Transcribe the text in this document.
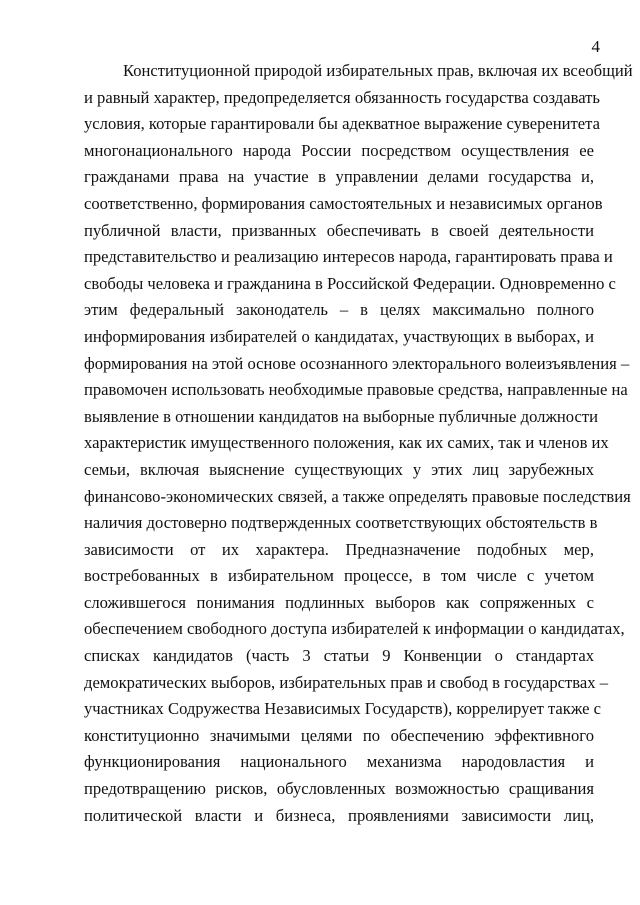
4
Конституционной природой избирательных прав, включая их всеобщий
и равный характер, предопределяется обязанность государства создавать
условия, которые гарантировали бы адекватное выражение суверенитета
многонационального народа России посредством осуществления ее
гражданами права на участие в управлении делами государства и,
соответственно, формирования самостоятельных и независимых органов
публичной власти, призванных обеспечивать в своей деятельности
представительство и реализацию интересов народа, гарантировать права и
свободы человека и гражданина в Российской Федерации. Одновременно с
этим федеральный законодатель – в целях максимально полного
информирования избирателей о кандидатах, участвующих в выборах, и
формирования на этой основе осознанного электорального волеизъявления –
правомочен использовать необходимые правовые средства, направленные на
выявление в отношении кандидатов на выборные публичные должности
характеристик имущественного положения, как их самих, так и членов их
семьи, включая выяснение существующих у этих лиц зарубежных
финансово-экономических связей, а также определять правовые последствия
наличия достоверно подтвержденных соответствующих обстоятельств в
зависимости от их характера. Предназначение подобных мер,
востребованных в избирательном процессе, в том числе с учетом
сложившегося понимания подлинных выборов как сопряженных с
обеспечением свободного доступа избирателей к информации о кандидатах,
списках кандидатов (часть 3 статьи 9 Конвенции о стандартах
демократических выборов, избирательных прав и свобод в государствах –
участниках Содружества Независимых Государств), коррелирует также с
конституционно значимыми целями по обеспечению эффективного
функционирования национального механизма народовластия и
предотвращению рисков, обусловленных возможностью сращивания
политической власти и бизнеса, проявлениями зависимости лиц,
